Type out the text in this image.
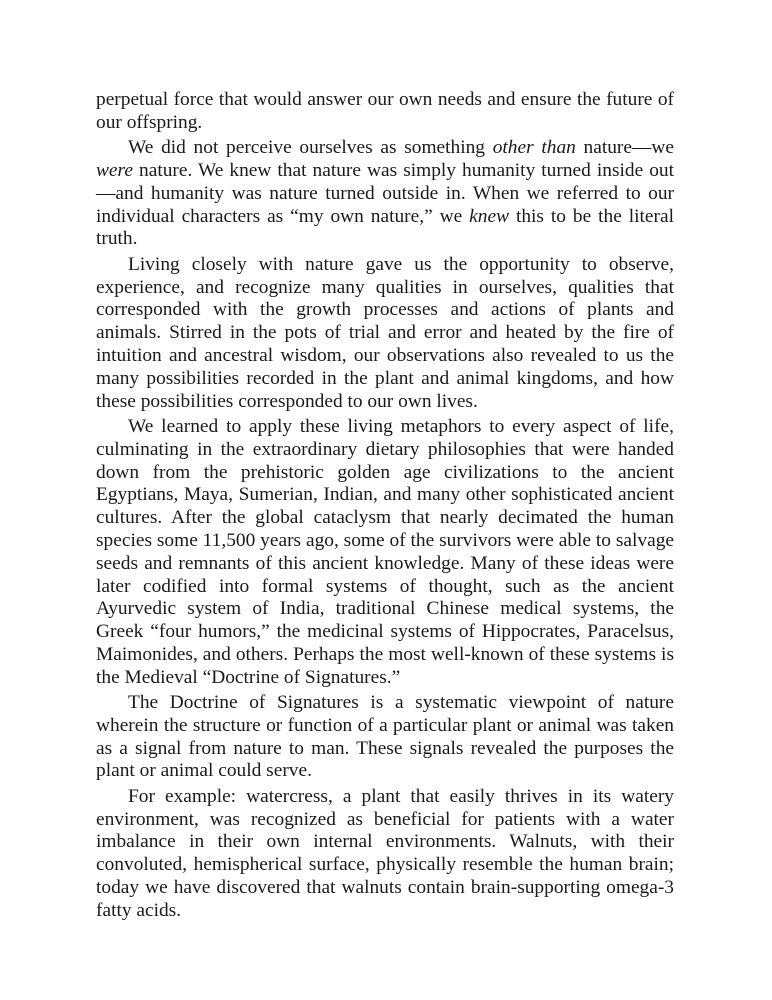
perpetual force that would answer our own needs and ensure the future of our offspring.

We did not perceive ourselves as something other than nature—we were nature. We knew that nature was simply humanity turned inside out—and humanity was nature turned outside in. When we referred to our individual characters as “my own nature,” we knew this to be the literal truth.

Living closely with nature gave us the opportunity to observe, experience, and recognize many qualities in ourselves, qualities that corresponded with the growth processes and actions of plants and animals. Stirred in the pots of trial and error and heated by the fire of intuition and ancestral wisdom, our observations also revealed to us the many possibilities recorded in the plant and animal kingdoms, and how these possibilities corresponded to our own lives.

We learned to apply these living metaphors to every aspect of life, culminating in the extraordinary dietary philosophies that were handed down from the prehistoric golden age civilizations to the ancient Egyptians, Maya, Sumerian, Indian, and many other sophisticated ancient cultures. After the global cataclysm that nearly decimated the human species some 11,500 years ago, some of the survivors were able to salvage seeds and remnants of this ancient knowledge. Many of these ideas were later codified into formal systems of thought, such as the ancient Ayurvedic system of India, traditional Chinese medical systems, the Greek “four humors,” the medicinal systems of Hippocrates, Paracelsus, Maimonides, and others. Perhaps the most well-known of these systems is the Medieval “Doctrine of Signatures.”

The Doctrine of Signatures is a systematic viewpoint of nature wherein the structure or function of a particular plant or animal was taken as a signal from nature to man. These signals revealed the purposes the plant or animal could serve.

For example: watercress, a plant that easily thrives in its watery environment, was recognized as beneficial for patients with a water imbalance in their own internal environments. Walnuts, with their convoluted, hemispherical surface, physically resemble the human brain; today we have discovered that walnuts contain brain-supporting omega-3 fatty acids.
